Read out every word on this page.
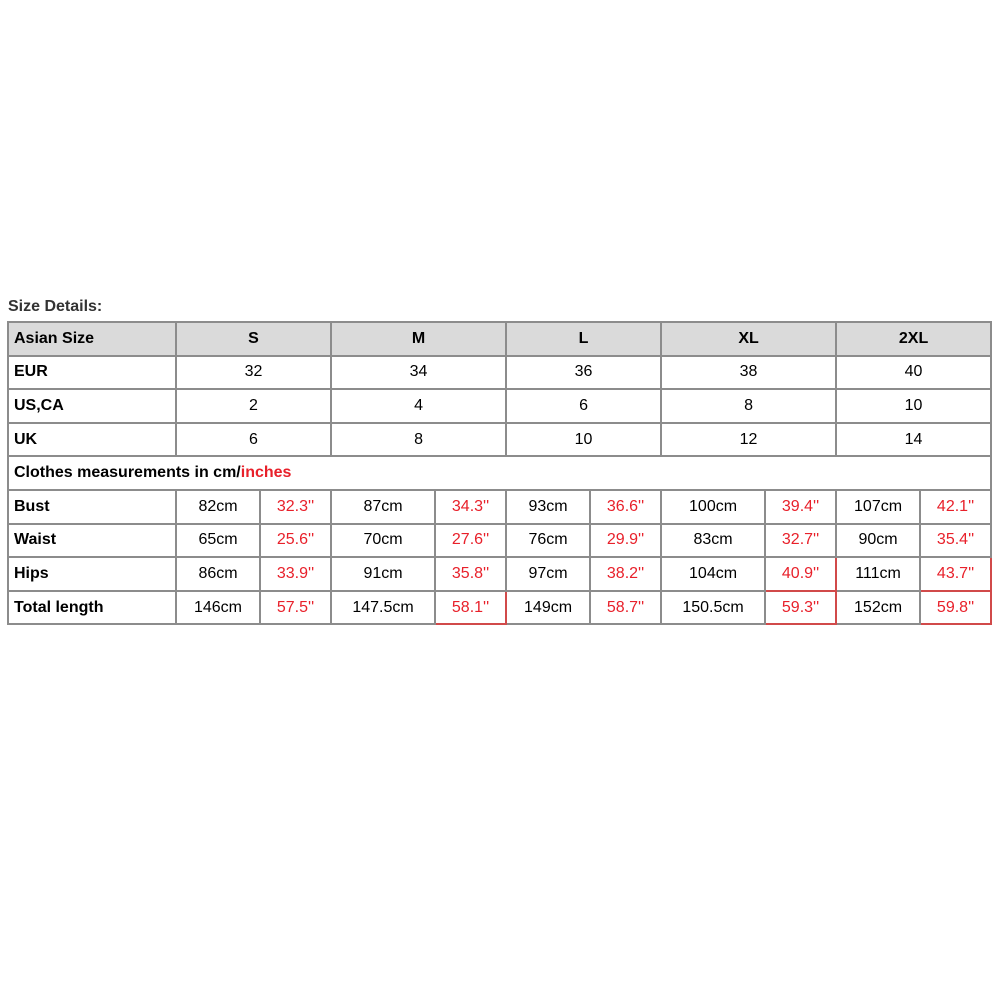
Size Details:
Asian Size	S		M		L		XL		2XL	
EUR	32		34		36		38		40	
US,CA	2		4		6		8		10	
UK	6		8		10		12		14	
Clothes measurements in cm/inches										
Bust	82cm	32.3''	87cm	34.3''	93cm	36.6''	100cm	39.4''	107cm	42.1''
Waist	65cm	25.6''	70cm	27.6''	76cm	29.9''	83cm	32.7''	90cm	35.4''
Hips	86cm	33.9''	91cm	35.8''	97cm	38.2''	104cm	40.9''	111cm	43.7''
Total length	146cm	57.5''	147.5cm	58.1''	149cm	58.7''	150.5cm	59.3''	152cm	59.8''
